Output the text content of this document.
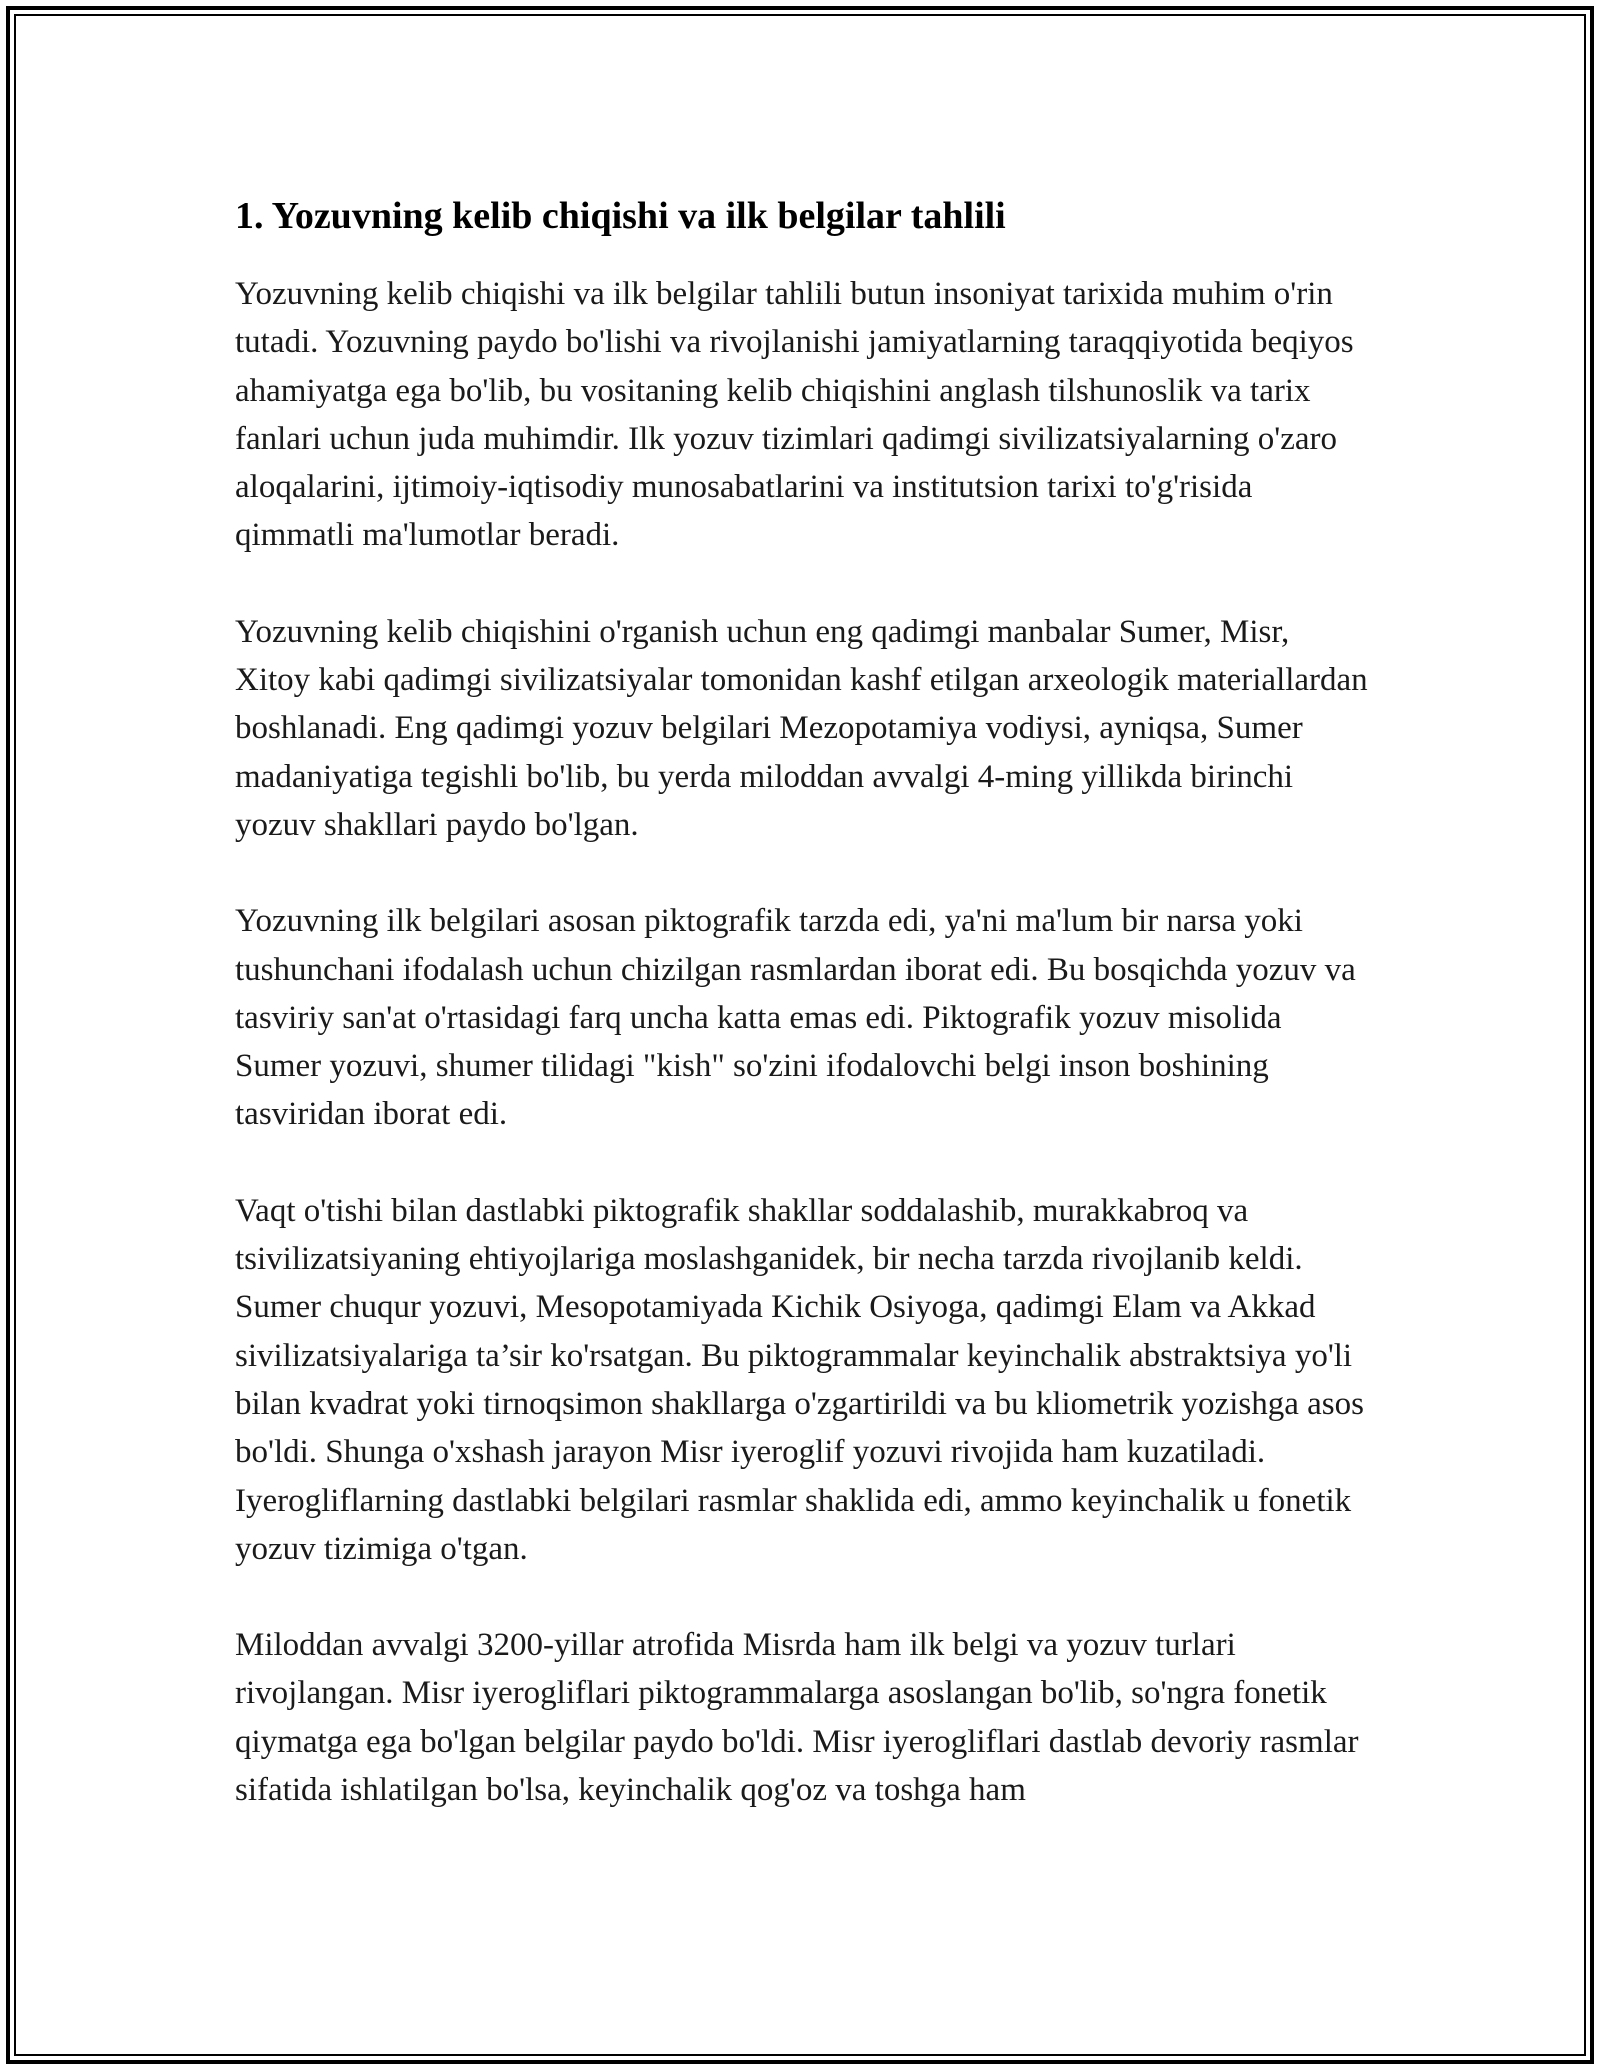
1. Yozuvning kelib chiqishi va ilk belgilar tahlili

Yozuvning kelib chiqishi va ilk belgilar tahlili butun insoniyat tarixida muhim o'rin tutadi. Yozuvning paydo bo'lishi va rivojlanishi jamiyatlarning taraqqiyotida beqiyos ahamiyatga ega bo'lib, bu vositaning kelib chiqishini anglash tilshunoslik va tarix fanlari uchun juda muhimdir. Ilk yozuv tizimlari qadimgi sivilizatsiyalarning o'zaro aloqalarini, ijtimoiy-iqtisodiy munosabatlarini va institutsion tarixi to'g'risida qimmatli ma'lumotlar beradi.

Yozuvning kelib chiqishini o'rganish uchun eng qadimgi manbalar Sumer, Misr, Xitoy kabi qadimgi sivilizatsiyalar tomonidan kashf etilgan arxeologik materiallardan boshlanadi. Eng qadimgi yozuv belgilari Mezopotamiya vodiysi, ayniqsa, Sumer madaniyatiga tegishli bo'lib, bu yerda miloddan avvalgi 4-ming yillikda birinchi yozuv shakllari paydo bo'lgan.

Yozuvning ilk belgilari asosan piktografik tarzda edi, ya'ni ma'lum bir narsa yoki tushunchani ifodalash uchun chizilgan rasmlardan iborat edi. Bu bosqichda yozuv va tasviriy san'at o'rtasidagi farq uncha katta emas edi. Piktografik yozuv misolida Sumer yozuvi, shumer tilidagi "kish" so'zini ifodalovchi belgi inson boshining tasviridan iborat edi.

Vaqt o'tishi bilan dastlabki piktografik shakllar soddalashib, murakkabroq va tsivilizatsiyaning ehtiyojlariga moslashganidek, bir necha tarzda rivojlanib keldi. Sumer chuqur yozuvi, Mesopotamiyada Kichik Osiyoga, qadimgi Elam va Akkad sivilizatsiyalariga ta’sir ko'rsatgan. Bu piktogrammalar keyinchalik abstraktsiya yo'li bilan kvadrat yoki tirnoqsimon shakllarga o'zgartirildi va bu kliometrik yozishga asos bo'ldi. Shunga o'xshash jarayon Misr iyeroglif yozuvi rivojida ham kuzatiladi. Iyerogliflarning dastlabki belgilari rasmlar shaklida edi, ammo keyinchalik u fonetik yozuv tizimiga o'tgan.

Miloddan avvalgi 3200-yillar atrofida Misrda ham ilk belgi va yozuv turlari rivojlangan. Misr iyerogliflari piktogrammalarga asoslangan bo'lib, so'ngra fonetik qiymatga ega bo'lgan belgilar paydo bo'ldi. Misr iyerogliflari dastlab devoriy rasmlar sifatida ishlatilgan bo'lsa, keyinchalik qog'oz va toshga ham
